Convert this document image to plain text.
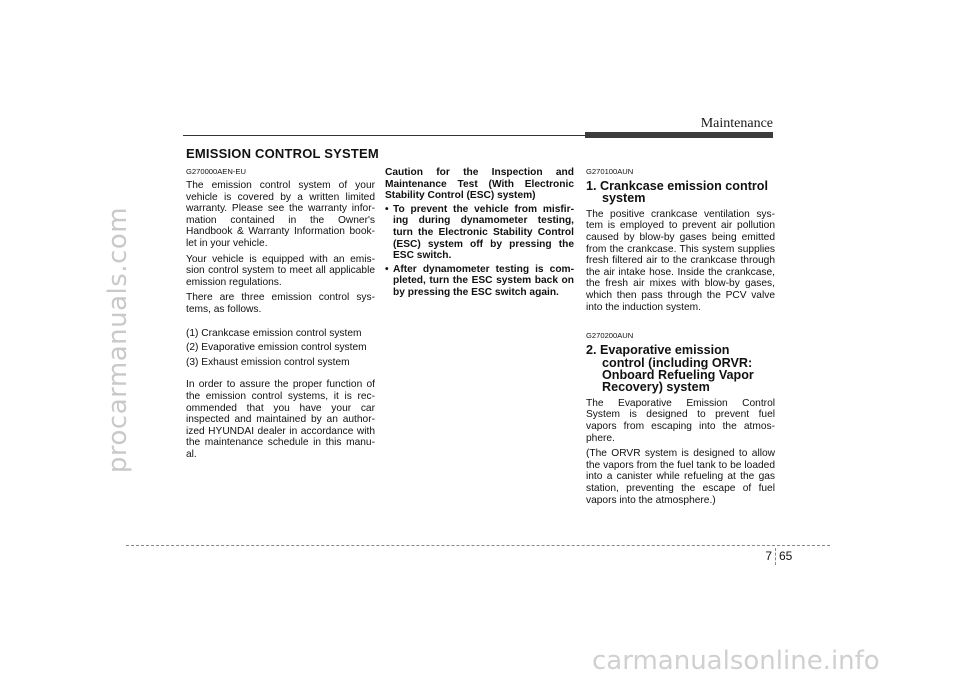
procarmanuals.com
carmanualsonline.info
Maintenance
EMISSION CONTROL SYSTEM
G270000AEN-EU

The emission control system of your vehicle is covered by a written limited warranty. Please see the warranty infor-mation contained in the Owner's Handbook & Warranty Information book-let in your vehicle.

Your vehicle is equipped with an emis-sion control system to meet all applicable emission regulations.

There are three emission control sys-tems, as follows.

(1) Crankcase emission control system

(2) Evaporative emission control system

(3) Exhaust emission control system

In order to assure the proper function of the emission control systems, it is rec-ommended that you have your car inspected and maintained by an author-ized HYUNDAI dealer in accordance with the maintenance schedule in this manu-al.

Caution for the Inspection and Maintenance Test (With Electronic Stability Control (ESC) system)

• To prevent the vehicle from misfir-ing during dynamometer testing, turn the Electronic Stability Control (ESC) system off by pressing the ESC switch.
• After dynamometer testing is com-pleted, turn the ESC system back on by pressing the ESC switch again.
G270100AUN
1. Crankcase emission control system

The positive crankcase ventilation sys-tem is employed to prevent air pollution caused by blow-by gases being emitted from the crankcase. This system supplies fresh filtered air to the crankcase through the air intake hose. Inside the crankcase, the fresh air mixes with blow-by gases, which then pass through the PCV valve into the induction system.

G270200AUN
2. Evaporative emission control (including ORVR: Onboard Refueling Vapor Recovery) system

The Evaporative Emission Control System is designed to prevent fuel vapors from escaping into the atmos-phere.

(The ORVR system is designed to allow the vapors from the fuel tank to be loaded into a canister while refueling at the gas station, preventing the escape of fuel vapors into the atmosphere.)

7 65
